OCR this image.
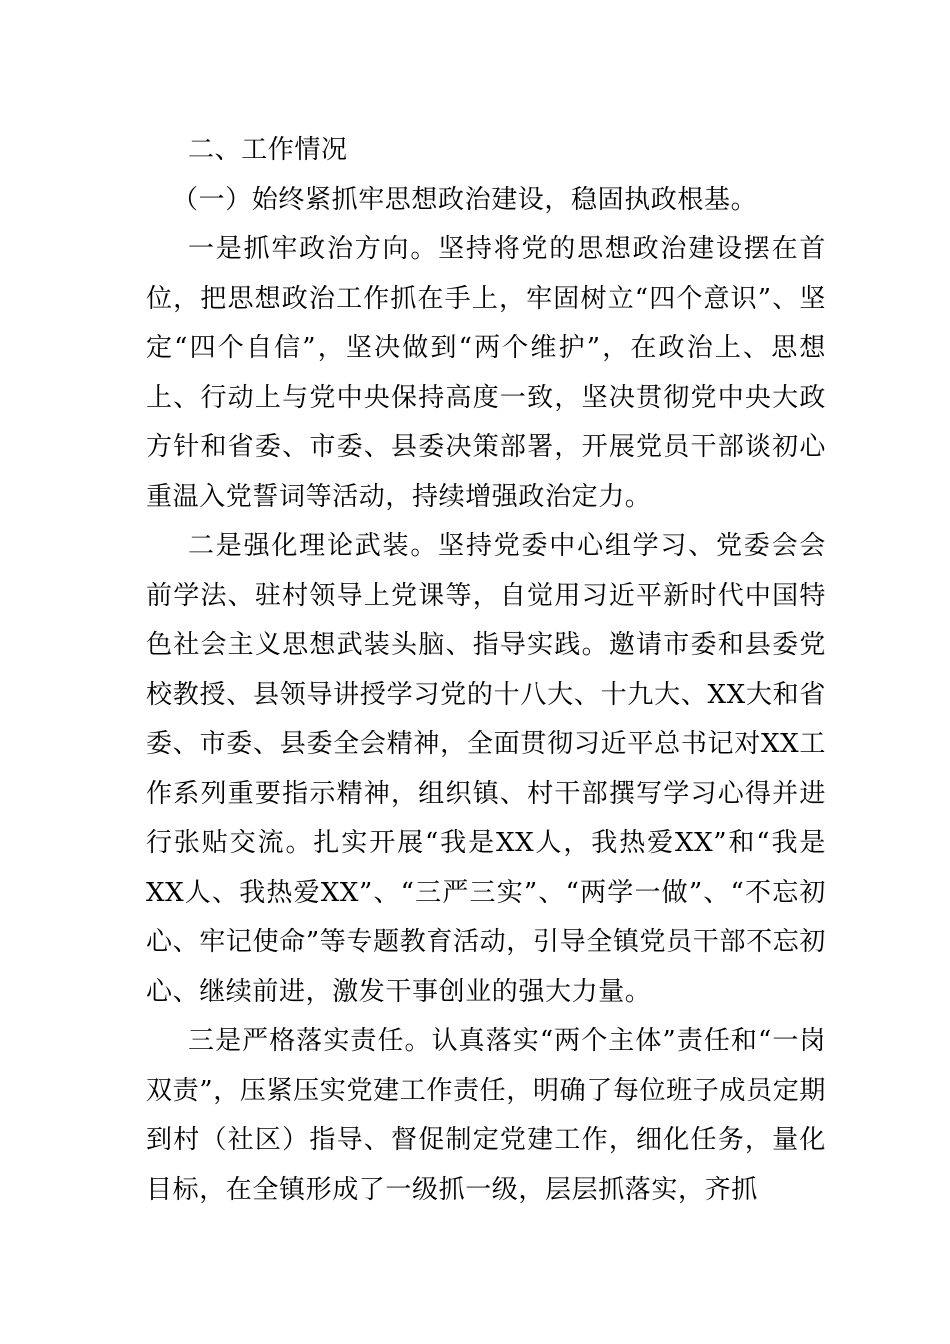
二、工作情况

（一）始终紧抓牢思想政治建设，稳固执政根基。

一是抓牢政治方向。坚持将党的思想政治建设摆在首位，把思想政治工作抓在手上，牢固树立“四个意识”、坚定“四个自信”，坚决做到“两个维护”，在政治上、思想上、行动上与党中央保持高度一致，坚决贯彻党中央大政方针和省委、市委、县委决策部署，开展党员干部谈初心重温入党誓词等活动，持续增强政治定力。

二是强化理论武装。坚持党委中心组学习、党委会会前学法、驻村领导上党课等，自觉用习近平新时代中国特色社会主义思想武装头脑、指导实践。邀请市委和县委党校教授、县领导讲授学习党的十八大、十九大、XX大和省委、市委、县委全会精神，全面贯彻习近平总书记对XX工作系列重要指示精神，组织镇、村干部撰写学习心得并进行张贴交流。扎实开展“我是XX人，我热爱XX”和“我是XX人、我热爱XX”、“三严三实”、“两学一做”、“不忘初心、牢记使命”等专题教育活动，引导全镇党员干部不忘初心、继续前进，激发干事创业的强大力量。

三是严格落实责任。认真落实“两个主体”责任和“一岗双责”，压紧压实党建工作责任，明确了每位班子成员定期到村（社区）指导、督促制定党建工作，细化任务，量化目标，在全镇形成了一级抓一级，层层抓落实，齐抓
